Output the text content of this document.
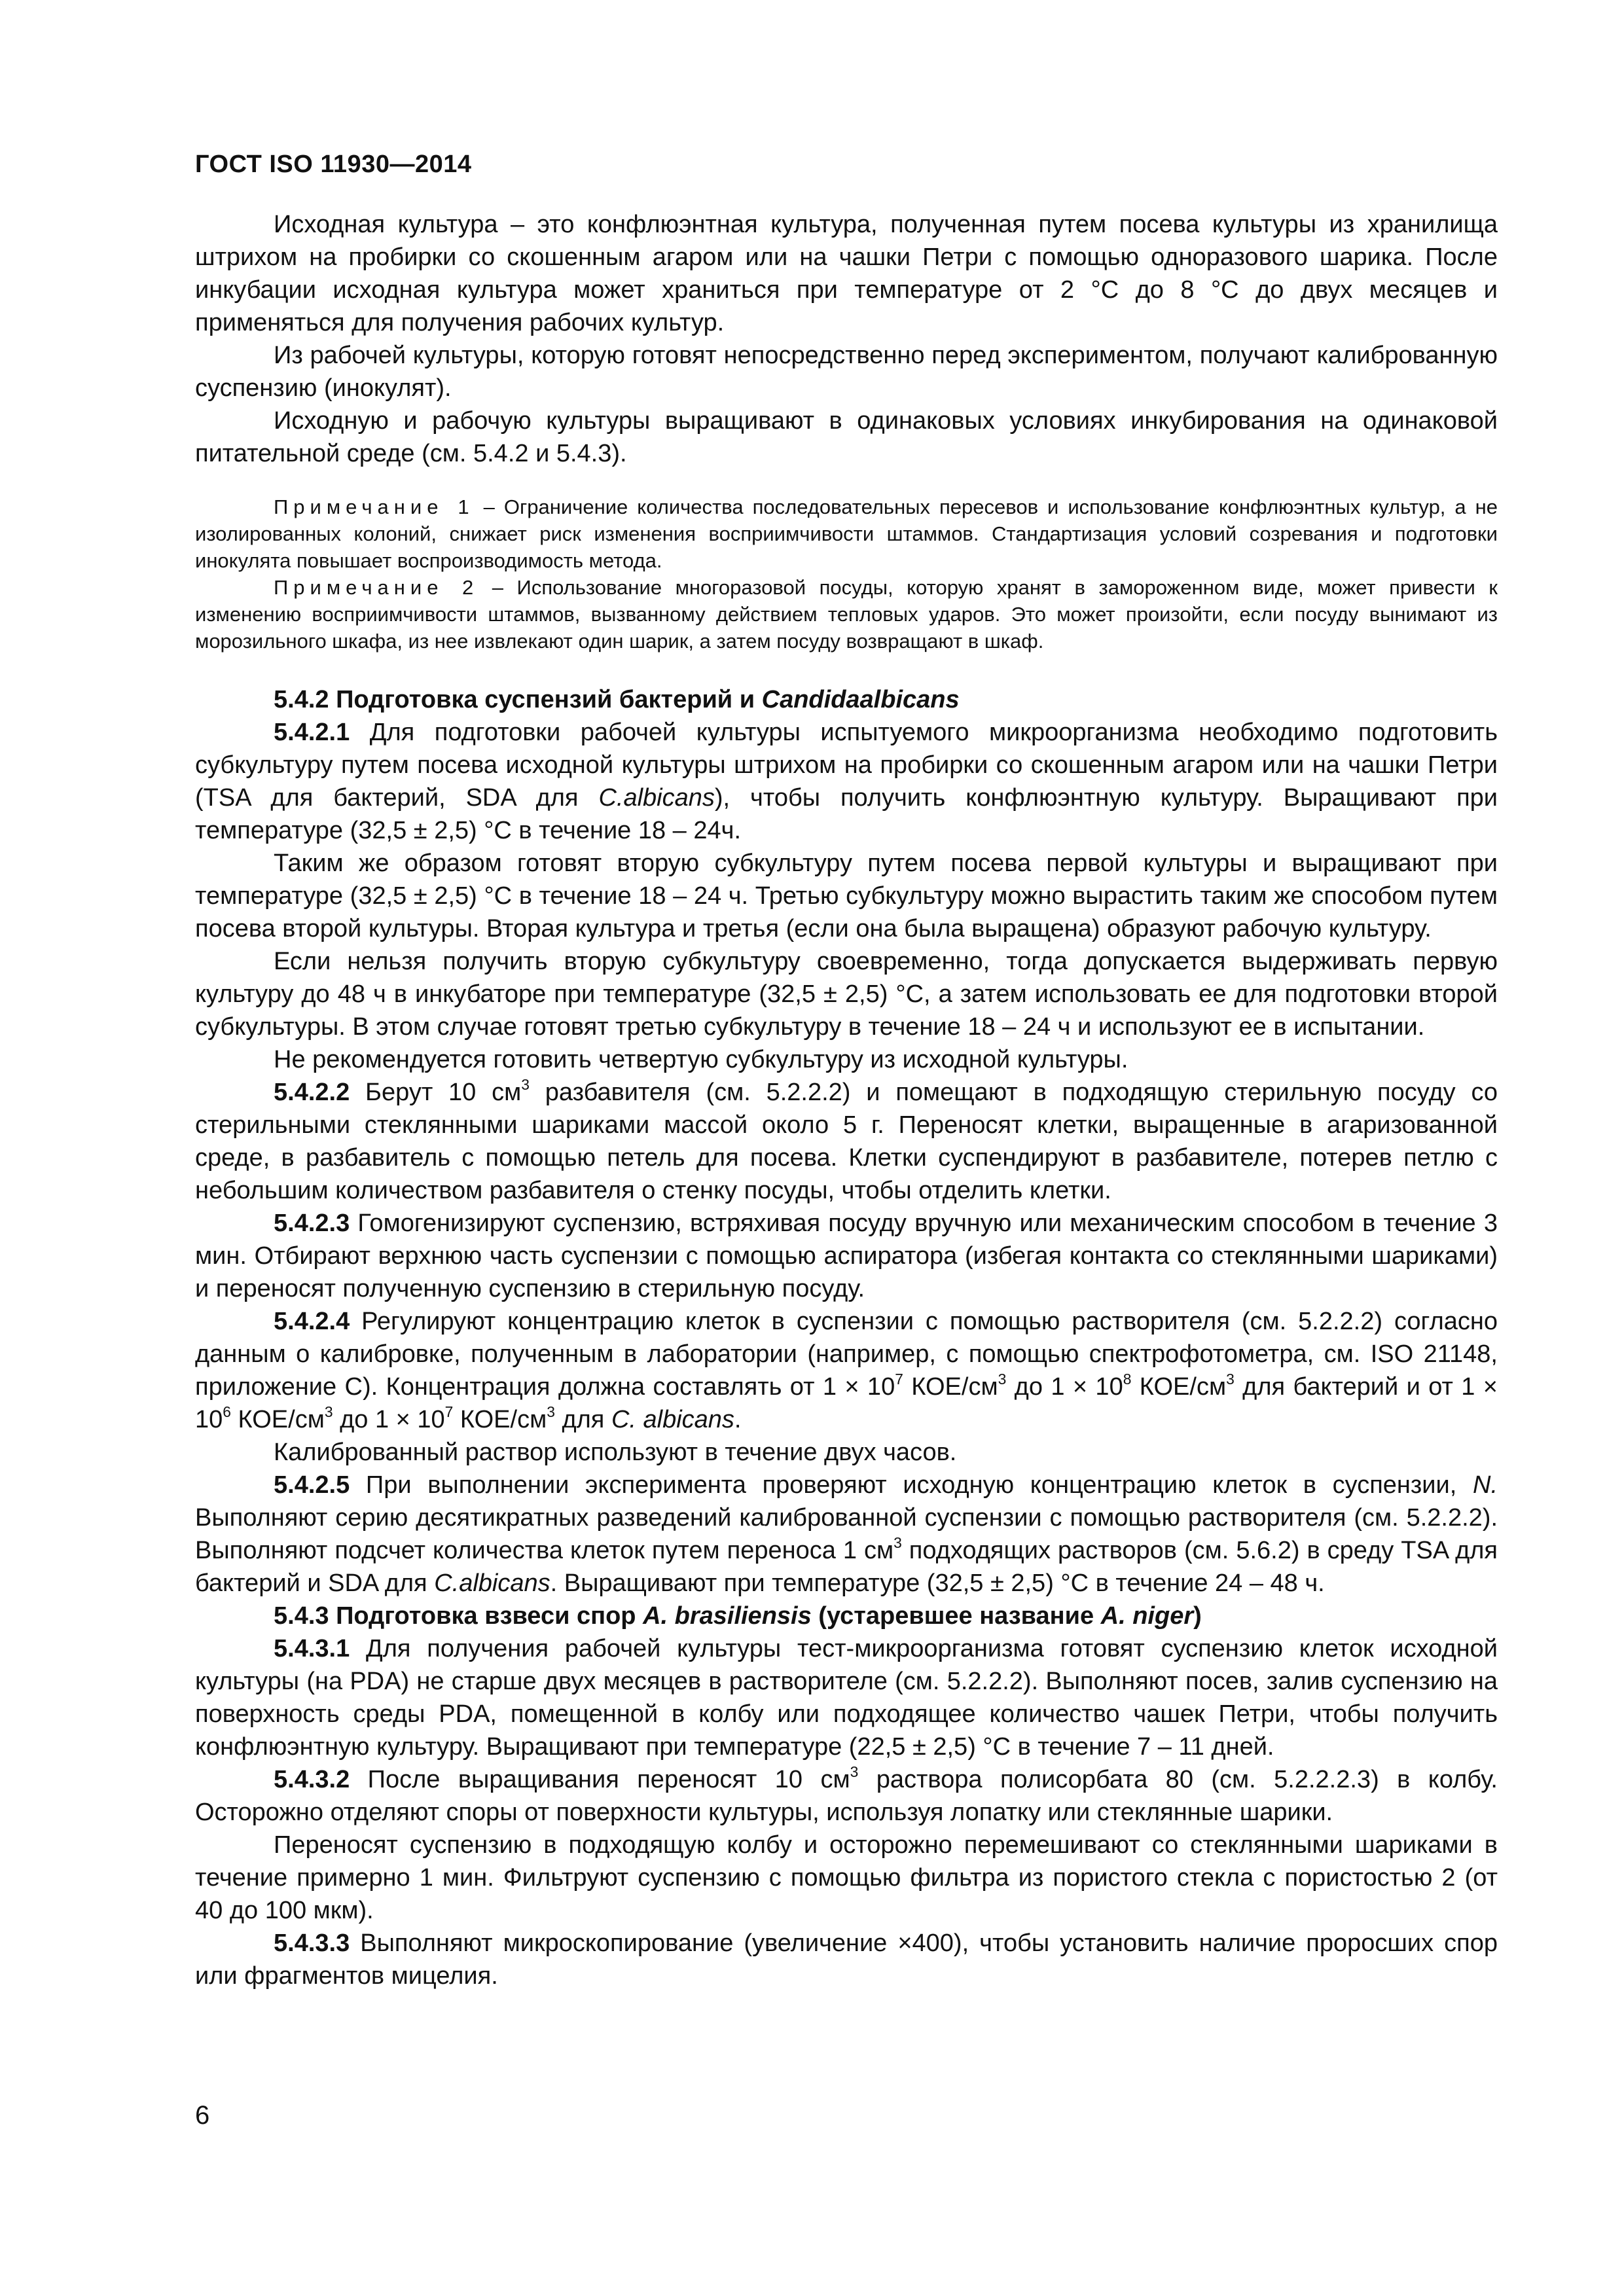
ГОСТ ISO 11930—2014

Исходная культура – это конфлюэнтная культура, полученная путем посева культуры из хранилища штрихом на пробирки со скошенным агаром или на чашки Петри с помощью одноразового шарика. После инкубации исходная культура может храниться при температуре от 2 °С до 8 °С до двух месяцев и применяться для получения рабочих культур.

Из рабочей культуры, которую готовят непосредственно перед экспериментом, получают калиброванную суспензию (инокулят).

Исходную и рабочую культуры выращивают в одинаковых условиях инкубирования на одинаковой питательной среде (см. 5.4.2 и 5.4.3).

Примечание 1 – Ограничение количества последовательных пересевов и использование конфлюэнтных культур, а не изолированных колоний, снижает риск изменения восприимчивости штаммов. Стандартизация условий созревания и подготовки инокулята повышает воспроизводимость метода.

Примечание 2 – Использование многоразовой посуды, которую хранят в замороженном виде, может привести к изменению восприимчивости штаммов, вызванному действием тепловых ударов. Это может произойти, если посуду вынимают из морозильного шкафа, из нее извлекают один шарик, а затем посуду возвращают в шкаф.

5.4.2 Подготовка суспензий бактерий и Candidaalbicans

5.4.2.1 Для подготовки рабочей культуры испытуемого микроорганизма необходимо подготовить субкультуру путем посева исходной культуры штрихом на пробирки со скошенным агаром или на чашки Петри (TSA для бактерий, SDA для C.albicans), чтобы получить конфлюэнтную культуру. Выращивают при температуре (32,5 ± 2,5) °С в течение 18 – 24ч.

Таким же образом готовят вторую субкультуру путем посева первой культуры и выращивают при температуре (32,5 ± 2,5) °С в течение 18 – 24 ч. Третью субкультуру можно вырастить таким же способом путем посева второй культуры. Вторая культура и третья (если она была выращена) образуют рабочую культуру.

Если нельзя получить вторую субкультуру своевременно, тогда допускается выдерживать первую культуру до 48 ч в инкубаторе при температуре (32,5 ± 2,5) °С, а затем использовать ее для подготовки второй субкультуры. В этом случае готовят третью субкультуру в течение 18 – 24 ч и используют ее в испытании.

Не рекомендуется готовить четвертую субкультуру из исходной культуры.

5.4.2.2 Берут 10 $см^3$ разбавителя (см. 5.2.2.2) и помещают в подходящую стерильную посуду со стерильными стеклянными шариками массой около 5 г. Переносят клетки, выращенные в агаризованной среде, в разбавитель с помощью петель для посева. Клетки суспендируют в разбавителе, потерев петлю с небольшим количеством разбавителя о стенку посуды, чтобы отделить клетки.

5.4.2.3 Гомогенизируют суспензию, встряхивая посуду вручную или механическим способом в течение 3 мин. Отбирают верхнюю часть суспензии с помощью аспиратора (избегая контакта со стеклянными шариками) и переносят полученную суспензию в стерильную посуду.

5.4.2.4 Регулируют концентрацию клеток в суспензии с помощью растворителя (см. 5.2.2.2) согласно данным о калибровке, полученным в лаборатории (например, с помощью спектрофотометра, см. ISO 21148, приложение С). Концентрация должна составлять от $1 \times 10^7$ КОЕ/$см^3$ до $1 \times 10^8$ КОЕ/$см^3$ для бактерий и от $1 \times 10^6$ КОЕ/$см^3$ до $1 \times 10^7$ КОЕ/$см^3$ для C. albicans.

Калиброванный раствор используют в течение двух часов.

5.4.2.5 При выполнении эксперимента проверяют исходную концентрацию клеток в суспензии, N. Выполняют серию десятикратных разведений калиброванной суспензии с помощью растворителя (см. 5.2.2.2). Выполняют подсчет количества клеток путем переноса 1 $см^3$ подходящих растворов (см. 5.6.2) в среду TSA для бактерий и SDA для C.albicans. Выращивают при температуре (32,5 ± 2,5) °С в течение 24 – 48 ч.

5.4.3 Подготовка взвеси спор A. brasiliensis (устаревшее название A. niger)

5.4.3.1 Для получения рабочей культуры тест-микроорганизма готовят суспензию клеток исходной культуры (на PDA) не старше двух месяцев в растворителе (см. 5.2.2.2). Выполняют посев, залив суспензию на поверхность среды PDA, помещенной в колбу или подходящее количество чашек Петри, чтобы получить конфлюэнтную культуру. Выращивают при температуре (22,5 ± 2,5) °С в течение 7 – 11 дней.

5.4.3.2 После выращивания переносят 10 $см^3$ раствора полисорбата 80 (см. 5.2.2.2.3) в колбу. Осторожно отделяют споры от поверхности культуры, используя лопатку или стеклянные шарики.

Переносят суспензию в подходящую колбу и осторожно перемешивают со стеклянными шариками в течение примерно 1 мин. Фильтруют суспензию с помощью фильтра из пористого стекла с пористостью 2 (от 40 до 100 мкм).

5.4.3.3 Выполняют микроскопирование (увеличение ×400), чтобы установить наличие проросших спор или фрагментов мицелия.

6
